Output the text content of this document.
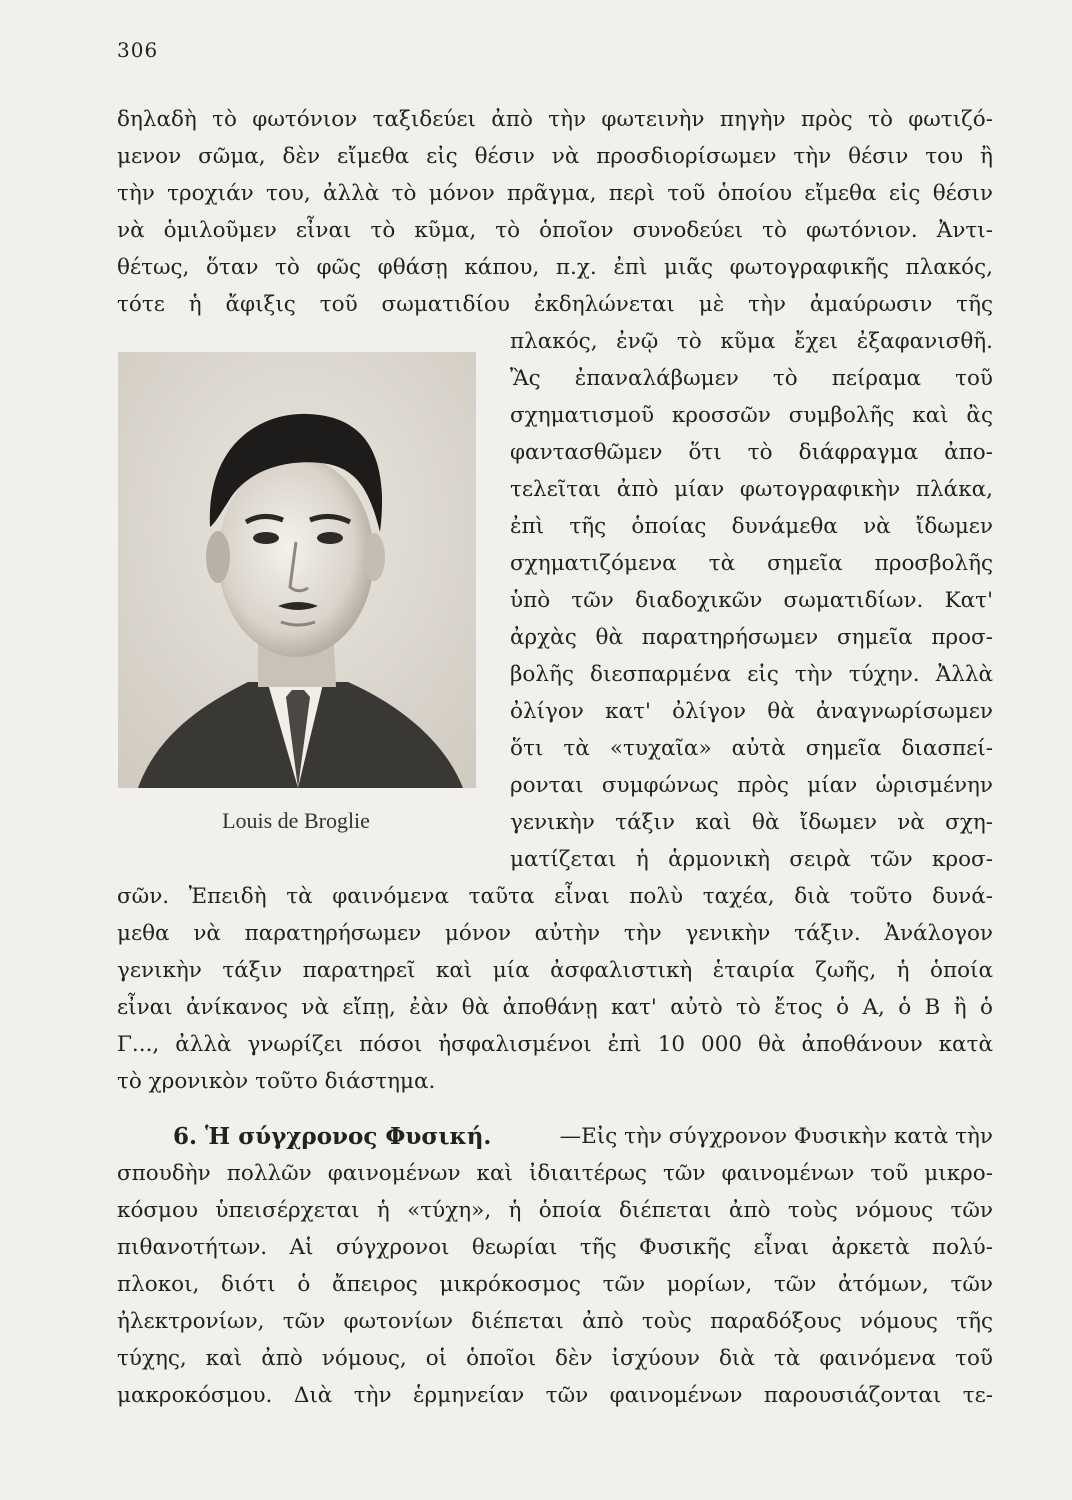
306
δηλαδὴ τὸ φωτόνιον ταξιδεύει ἀπὸ τὴν φωτεινὴν πηγὴν πρὸς τὸ φωτιζό-
μενον σῶμα, δὲν εἴμεθα εἰς θέσιν νὰ προσδιορίσωμεν τὴν θέσιν του ἢ
τὴν τροχιάν του, ἀλλὰ τὸ μόνον πρᾶγμα, περὶ τοῦ ὁποίου εἴμεθα εἰς θέσιν
νὰ ὁμιλοῦμεν εἶναι τὸ κῦμα, τὸ ὁποῖον συνοδεύει τὸ φωτόνιον. Ἀντι-
θέτως, ὅταν τὸ φῶς φθάσῃ κάπου, π.χ. ἐπὶ μιᾶς φωτογραφικῆς πλακός,
τότε ἡ ἄφιξις τοῦ σωματιδίου ἐκδηλώνεται μὲ τὴν ἀμαύρωσιν τῆς
Louis de Broglie
πλακός, ἐνῷ τὸ κῦμα ἔχει ἐξαφανισθῆ.
Ἂς ἐπαναλάβωμεν τὸ πείραμα τοῦ
σχηματισμοῦ κροσσῶν συμβολῆς καὶ ἂς
φαντασθῶμεν ὅτι τὸ διάφραγμα ἀπο-
τελεῖται ἀπὸ μίαν φωτογραφικὴν πλάκα,
ἐπὶ τῆς ὁποίας δυνάμεθα νὰ ἴδωμεν
σχηματιζόμενα τὰ σημεῖα προσβολῆς
ὑπὸ τῶν διαδοχικῶν σωματιδίων. Κατ'
ἀρχὰς θὰ παρατηρήσωμεν σημεῖα προσ-
βολῆς διεσπαρμένα εἰς τὴν τύχην. Ἀλλὰ
ὀλίγον κατ' ὀλίγον θὰ ἀναγνωρίσωμεν
ὅτι τὰ «τυχαῖα» αὐτὰ σημεῖα διασπεί-
ρονται συμφώνως πρὸς μίαν ὡρισμένην
γενικὴν τάξιν καὶ θὰ ἴδωμεν νὰ σχη-
ματίζεται ἡ ἁρμονικὴ σειρὰ τῶν κροσ-
σῶν. Ἐπειδὴ τὰ φαινόμενα ταῦτα εἶναι πολὺ ταχέα, διὰ τοῦτο δυνά-
μεθα νὰ παρατηρήσωμεν μόνον αὐτὴν τὴν γενικὴν τάξιν. Ἀνάλογον
γενικὴν τάξιν παρατηρεῖ καὶ μία ἀσφαλιστικὴ ἑταιρία ζωῆς, ἡ ὁποία
εἶναι ἀνίκανος νὰ εἴπῃ, ἐὰν θὰ ἀποθάνῃ κατ' αὐτὸ τὸ ἔτος ὁ Α, ὁ Β ἢ ὁ
Γ..., ἀλλὰ γνωρίζει πόσοι ἠσφαλισμένοι ἐπὶ 10 000 θὰ ἀποθάνουν κατὰ
τὸ χρονικὸν τοῦτο διάστημα.
6. Ἡ σύγχρονος Φυσική.	—Εἰς τὴν σύγχρονον Φυσικὴν κατὰ τὴν
σπουδὴν πολλῶν φαινομένων καὶ ἰδιαιτέρως τῶν φαινομένων τοῦ μικρο-
κόσμου ὑπεισέρχεται ἡ «τύχη», ἡ ὁποία διέπεται ἀπὸ τοὺς νόμους τῶν
πιθανοτήτων. Αἱ σύγχρονοι θεωρίαι τῆς Φυσικῆς εἶναι ἀρκετὰ πολύ-
πλοκοι, διότι ὁ ἄπειρος μικρόκοσμος τῶν μορίων, τῶν ἀτόμων, τῶν
ἠλεκτρονίων, τῶν φωτονίων διέπεται ἀπὸ τοὺς παραδόξους νόμους τῆς
τύχης, καὶ ἀπὸ νόμους, οἱ ὁποῖοι δὲν ἰσχύουν διὰ τὰ φαινόμενα τοῦ
μακροκόσμου. Διὰ τὴν ἑρμηνείαν τῶν φαινομένων παρουσιάζονται τε-
